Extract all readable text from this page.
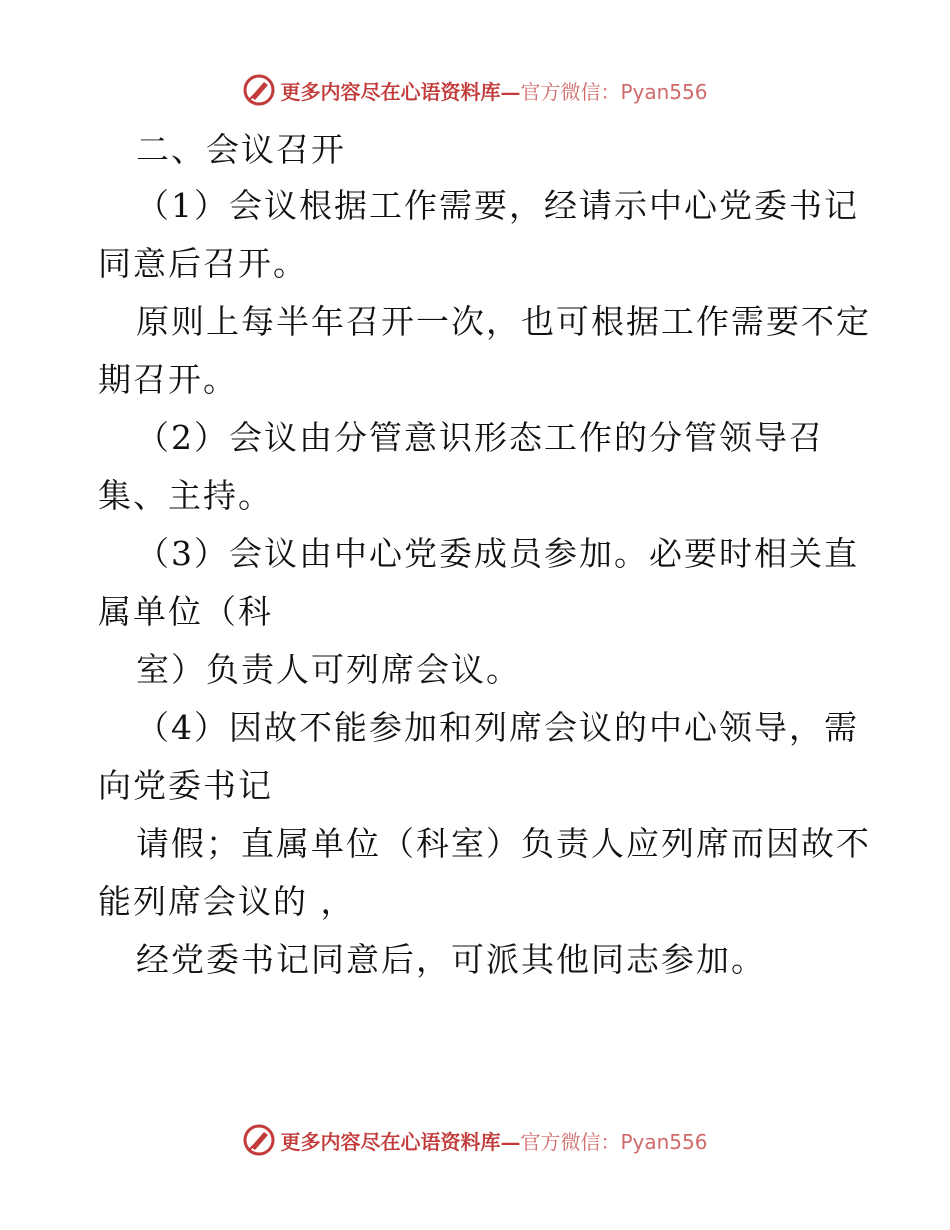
更多内容尽在心语资料库— 官方微信：Pyan556
二、会议召开
（1）会议根据工作需要，经请示中心党委书记
同意后召开。
原则上每半年召开一次，也可根据工作需要不定
期召开。
（2）会议由分管意识形态工作的分管领导召
集、主持。
（3）会议由中心党委成员参加。必要时相关直
属单位（科
室）负责人可列席会议。
（4）因故不能参加和列席会议的中心领导，需
向党委书记
请假；直属单位（科室）负责人应列席而因故不
能列席会议的 ，
经党委书记同意后，可派其他同志参加。
更多内容尽在心语资料库— 官方微信：Pyan556
